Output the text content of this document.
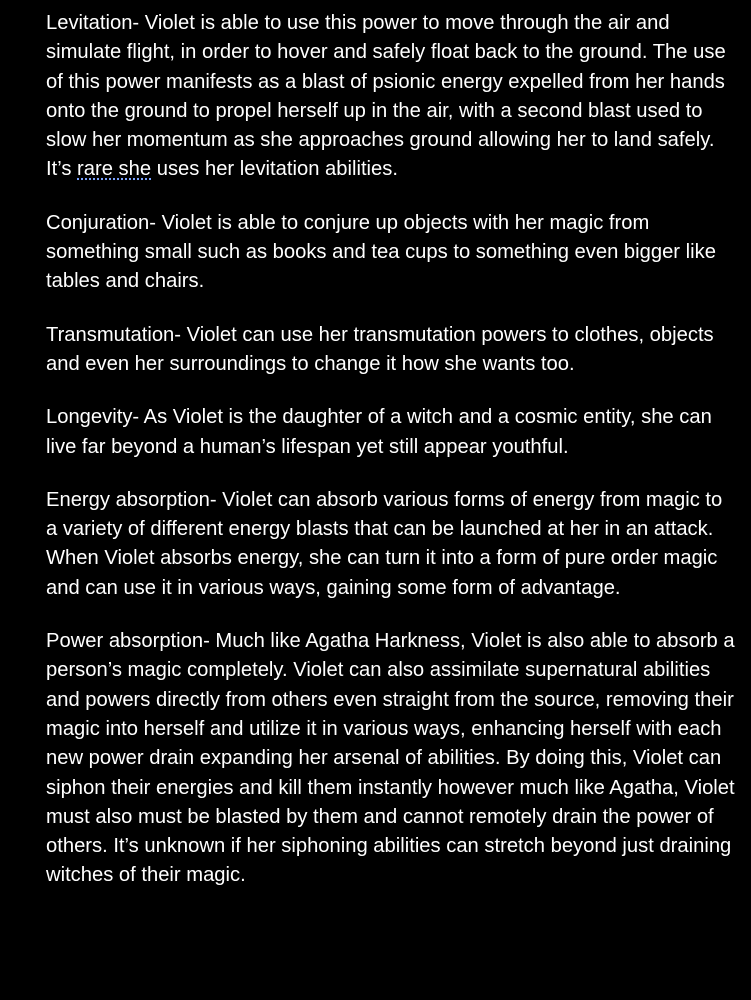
Levitation- Violet is able to use this power to move through the air and simulate flight, in order to hover and safely float back to the ground. The use of this power manifests as a blast of psionic energy expelled from her hands onto the ground to propel herself up in the air, with a second blast used to slow her momentum as she approaches ground allowing her to land safely. It’s rare she uses her levitation abilities.

Conjuration- Violet is able to conjure up objects with her magic from something small such as books and tea cups to something even bigger like tables and chairs.

Transmutation- Violet can use her transmutation powers to clothes, objects and even her surroundings to change it how she wants too.

Longevity- As Violet is the daughter of a witch and a cosmic entity, she can live far beyond a human’s lifespan yet still appear youthful.

Energy absorption- Violet can absorb various forms of energy from magic to a variety of different energy blasts that can be launched at her in an attack. When Violet absorbs energy, she can turn it into a form of pure order magic and can use it in various ways, gaining some form of advantage.

Power absorption- Much like Agatha Harkness, Violet is also able to absorb a person’s magic completely. Violet can also assimilate supernatural abilities and powers directly from others even straight from the source, removing their magic into herself and utilize it in various ways, enhancing herself with each new power drain expanding her arsenal of abilities. By doing this, Violet can siphon their energies and kill them instantly however much like Agatha, Violet must also must be blasted by them and cannot remotely drain the power of others. It’s unknown if her siphoning abilities can stretch beyond just draining witches of their magic.
